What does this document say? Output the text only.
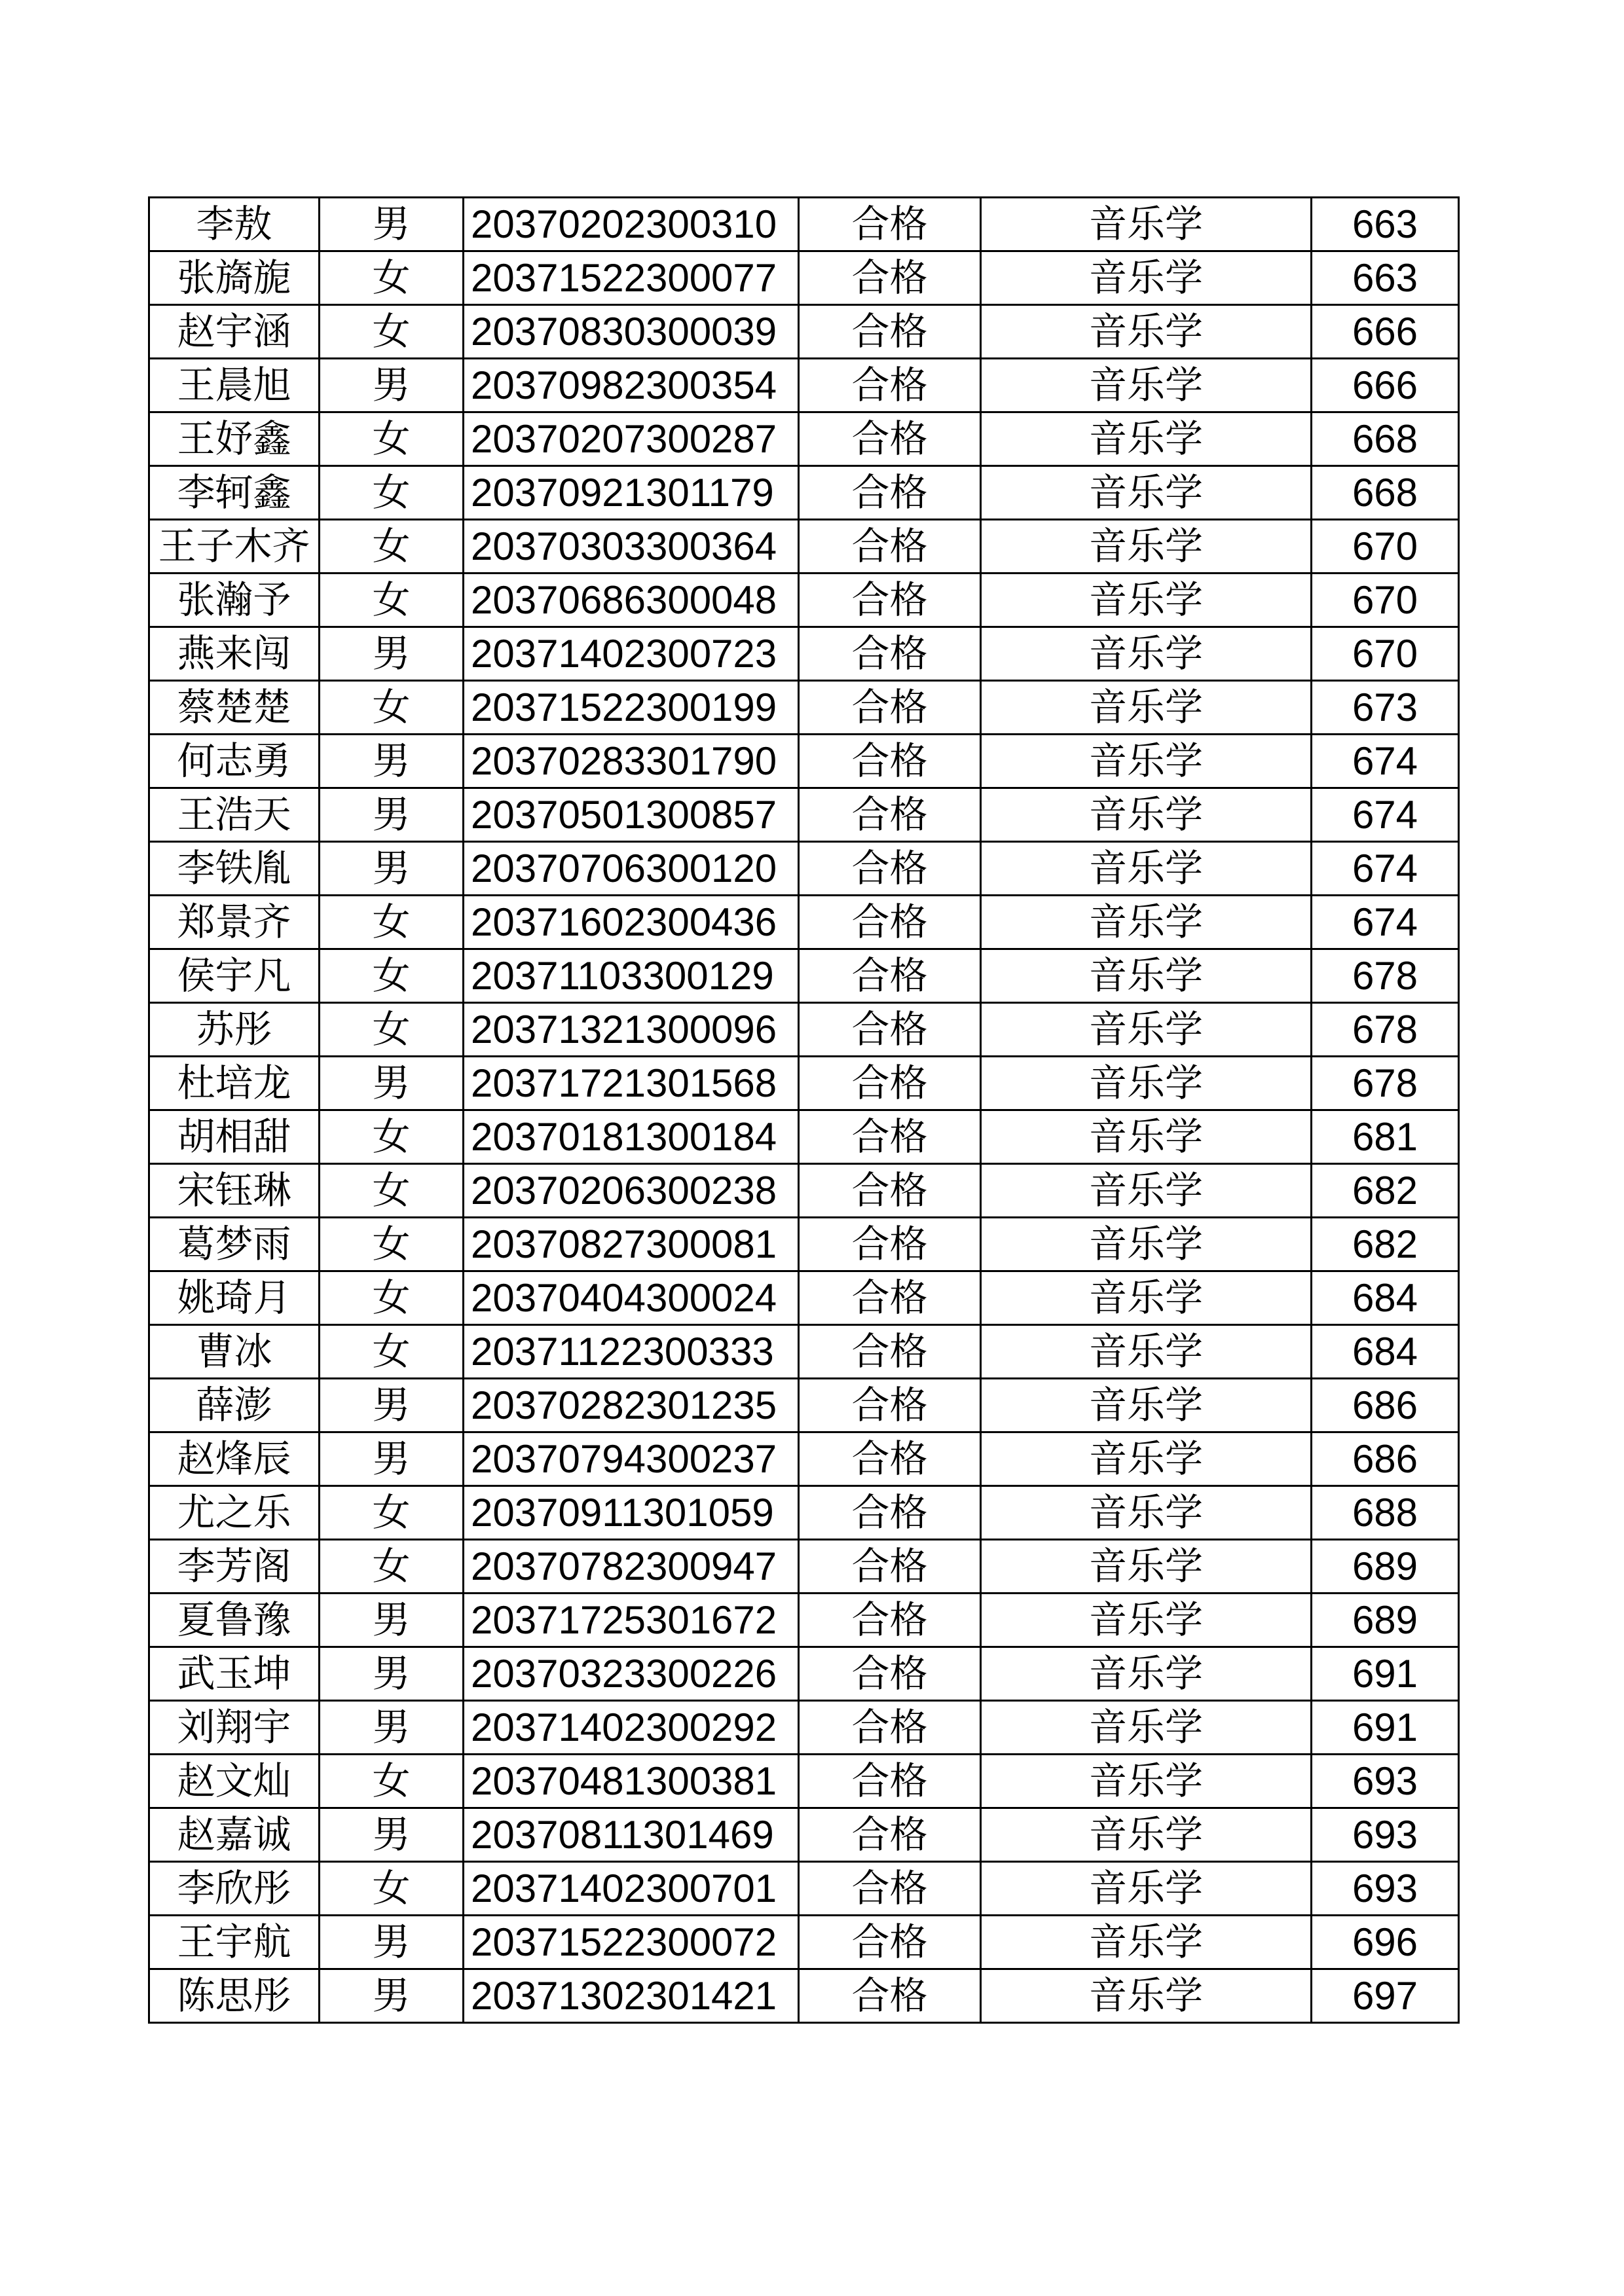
李敖	男	20370202300310	合格	音乐学	663
张旖旎	女	20371522300077	合格	音乐学	663
赵宇涵	女	20370830300039	合格	音乐学	666
王晨旭	男	20370982300354	合格	音乐学	666
王妤鑫	女	20370207300287	合格	音乐学	668
李轲鑫	女	20370921301179	合格	音乐学	668
王子木齐	女	20370303300364	合格	音乐学	670
张瀚予	女	20370686300048	合格	音乐学	670
燕来闯	男	20371402300723	合格	音乐学	670
蔡楚楚	女	20371522300199	合格	音乐学	673
何志勇	男	20370283301790	合格	音乐学	674
王浩天	男	20370501300857	合格	音乐学	674
李铁胤	男	20370706300120	合格	音乐学	674
郑景齐	女	20371602300436	合格	音乐学	674
侯宇凡	女	20371103300129	合格	音乐学	678
苏彤	女	20371321300096	合格	音乐学	678
杜培龙	男	20371721301568	合格	音乐学	678
胡相甜	女	20370181300184	合格	音乐学	681
宋钰琳	女	20370206300238	合格	音乐学	682
葛梦雨	女	20370827300081	合格	音乐学	682
姚琦月	女	20370404300024	合格	音乐学	684
曹冰	女	20371122300333	合格	音乐学	684
薛澎	男	20370282301235	合格	音乐学	686
赵烽辰	男	20370794300237	合格	音乐学	686
尤之乐	女	20370911301059	合格	音乐学	688
李芳阁	女	20370782300947	合格	音乐学	689
夏鲁豫	男	20371725301672	合格	音乐学	689
武玉坤	男	20370323300226	合格	音乐学	691
刘翔宇	男	20371402300292	合格	音乐学	691
赵文灿	女	20370481300381	合格	音乐学	693
赵嘉诚	男	20370811301469	合格	音乐学	693
李欣彤	女	20371402300701	合格	音乐学	693
王宇航	男	20371522300072	合格	音乐学	696
陈思彤	男	20371302301421	合格	音乐学	697
